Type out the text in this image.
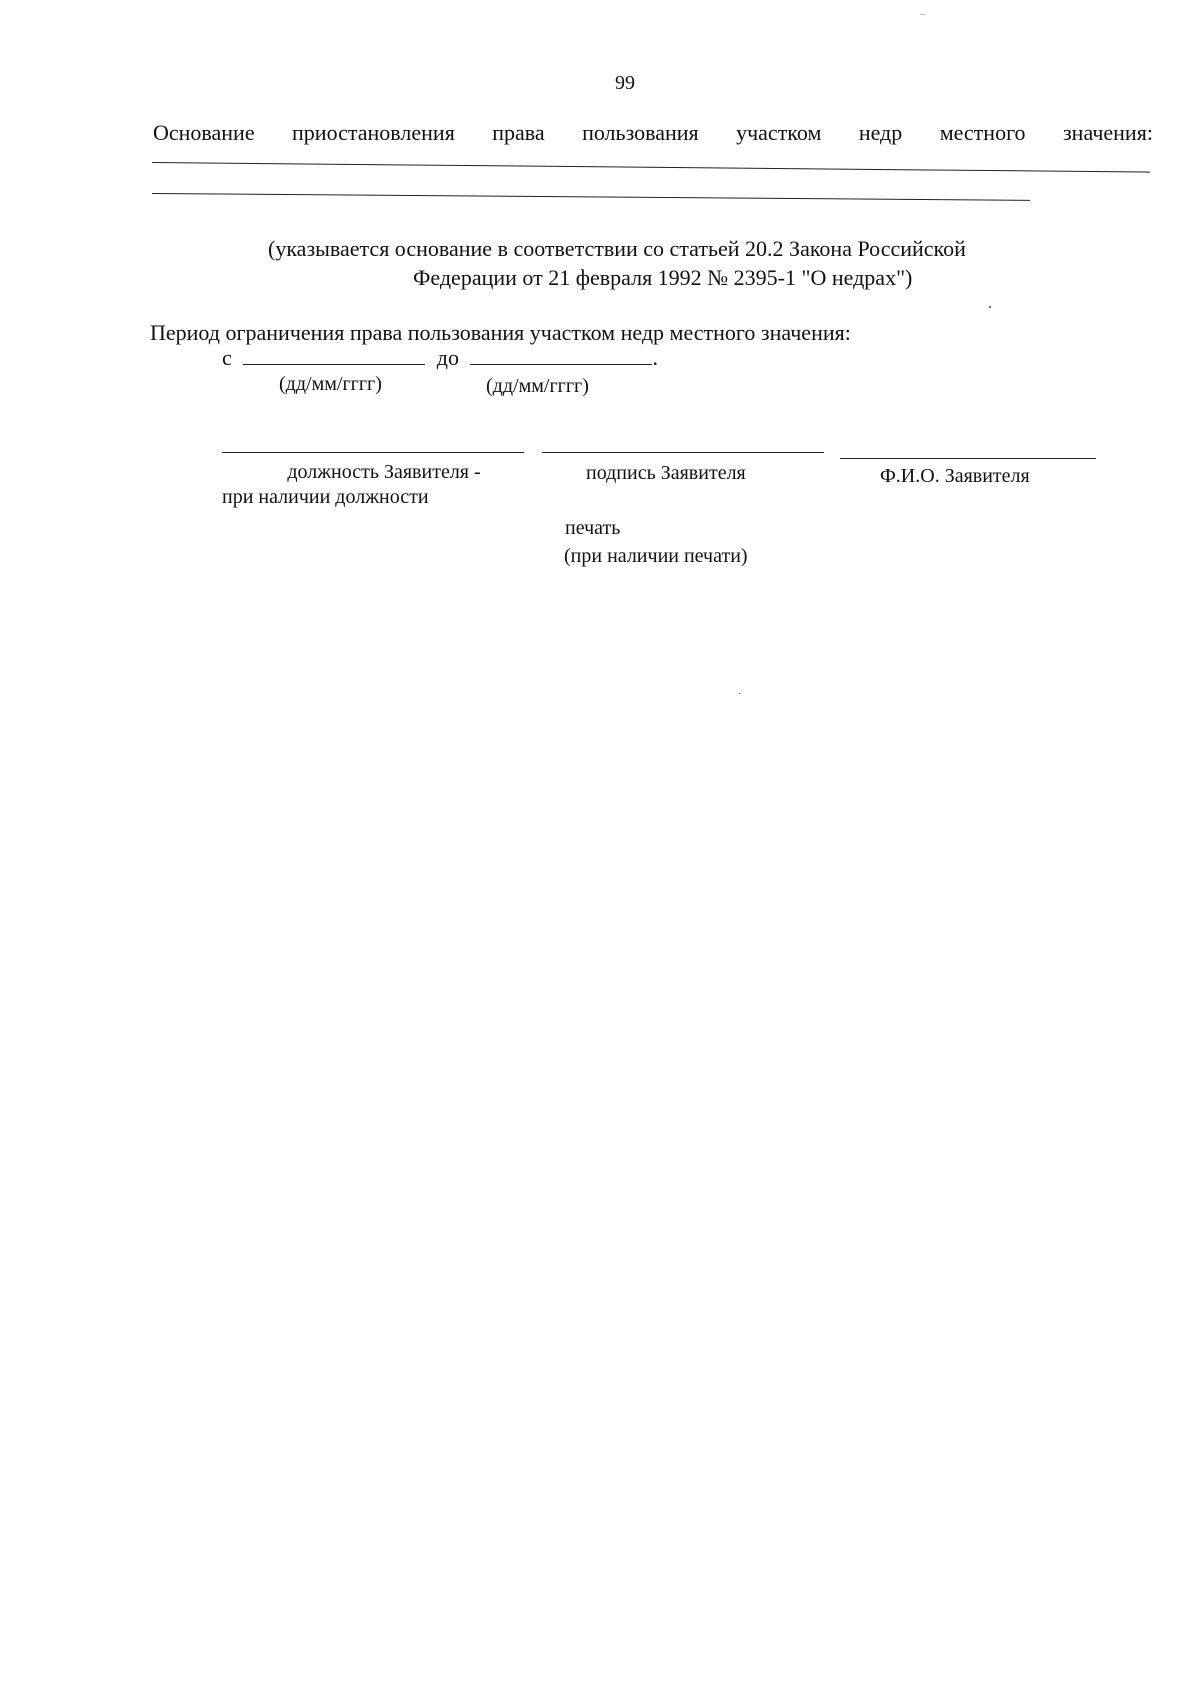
99
Основание приостановления права пользования участком недр местного значения:
(указывается основание в соответствии со статьей 20.2 Закона Российской
Федерации от 21 февраля 1992 № 2395-1 "О недрах")
Период ограничения права пользования участком недр местного значения:
с	до	.
(дд/мм/гггг)	(дд/мм/гггг)
должность Заявителя -
при наличии должности
подпись Заявителя	Ф.И.О. Заявителя
печать
(при наличии печати)
